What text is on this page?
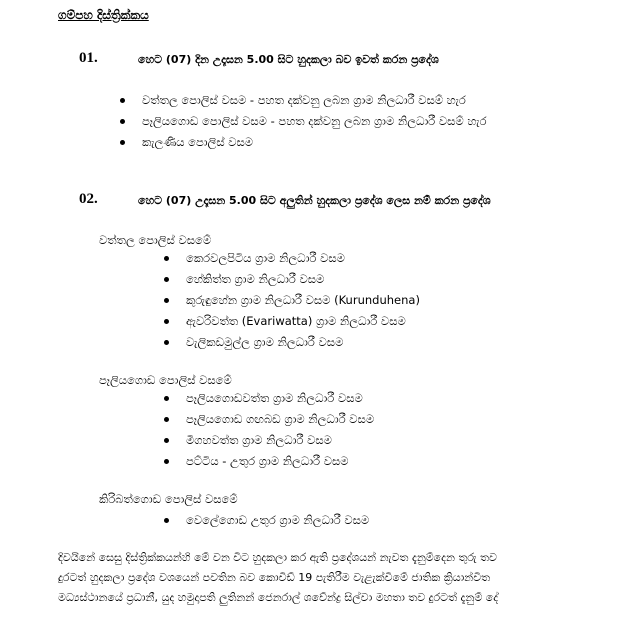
ගම්පහ දිස්ත්‍රික්කය
01.	හෙට (07) දින උදෑසන 5.00 සිට හුදකලා බව ඉවත් කරන ප්‍රදේශ
වත්තල පොලිස් වසම - පහත දක්වනු ලබන ග්‍රාම නිලධාරී වසම් හැර
පෑලියගොඩ පොලිස් වසම - පහත දක්වනු ලබන ග්‍රාම නිලධාරී වසම් හැර
කැලණිය පොලිස් වසම
02.	හෙට (07) උදෑසන 5.00 සිට අලුතින් හුදකලා ප්‍රදේශ ලෙස නම් කරන ප්‍රදේශ
වත්තල පොලිස් වසමේ
කෙරවලපිටිය ග්‍රාම නිලධාරී වසම
හේකිත්ත ග්‍රාම නිලධාරී වසම
කුරුඳුහේන ග්‍රාම නිලධාරී වසම (Kurunduhena)
ඇවරිවත්ත (Evariwatta) ග්‍රාම නිලධාරී වසම
වැලිකඩමුල්ල ග්‍රාම නිලධාරී වසම
පෑලියගොඩ පොලිස් වසමේ
පෑලියගොඩවත්ත ග්‍රාම නිලධාරී වසම
පෑලියගොඩ ගඟබඩ ග්‍රාම නිලධාරී වසම
මීගහවත්ත ග්‍රාම නිලධාරී වසම
පට්ටිය - උතුර ග්‍රාම නිලධාරී වසම
කිරිබත්ගොඩ පොලිස් වසමේ
වෙලේගොඩ උතුර ග්‍රාම නිලධාරී වසම
දිවයිනේ සෙසු දිස්ත්‍රික්කයන්හි මේ වන විට හුදකලා කර ඇති ප්‍රදේශයන් නැවත දැනුම්දෙන තුරු තව
දුරටත් හුදකලා ප්‍රදේශ වශයෙන් පවතින බව කොවිඩ් 19 පැතිරීම වැළැක්වීමේ ජාතික ක්‍රියාන්විත
මධ්‍යස්ථානයේ ප්‍රධානී, යුද හමුදාපති ලුතිනන් ජෙනරාල් ශවේන්ද්‍ර සිල්වා මහතා තව දුරටත් දැනුම් දේ
